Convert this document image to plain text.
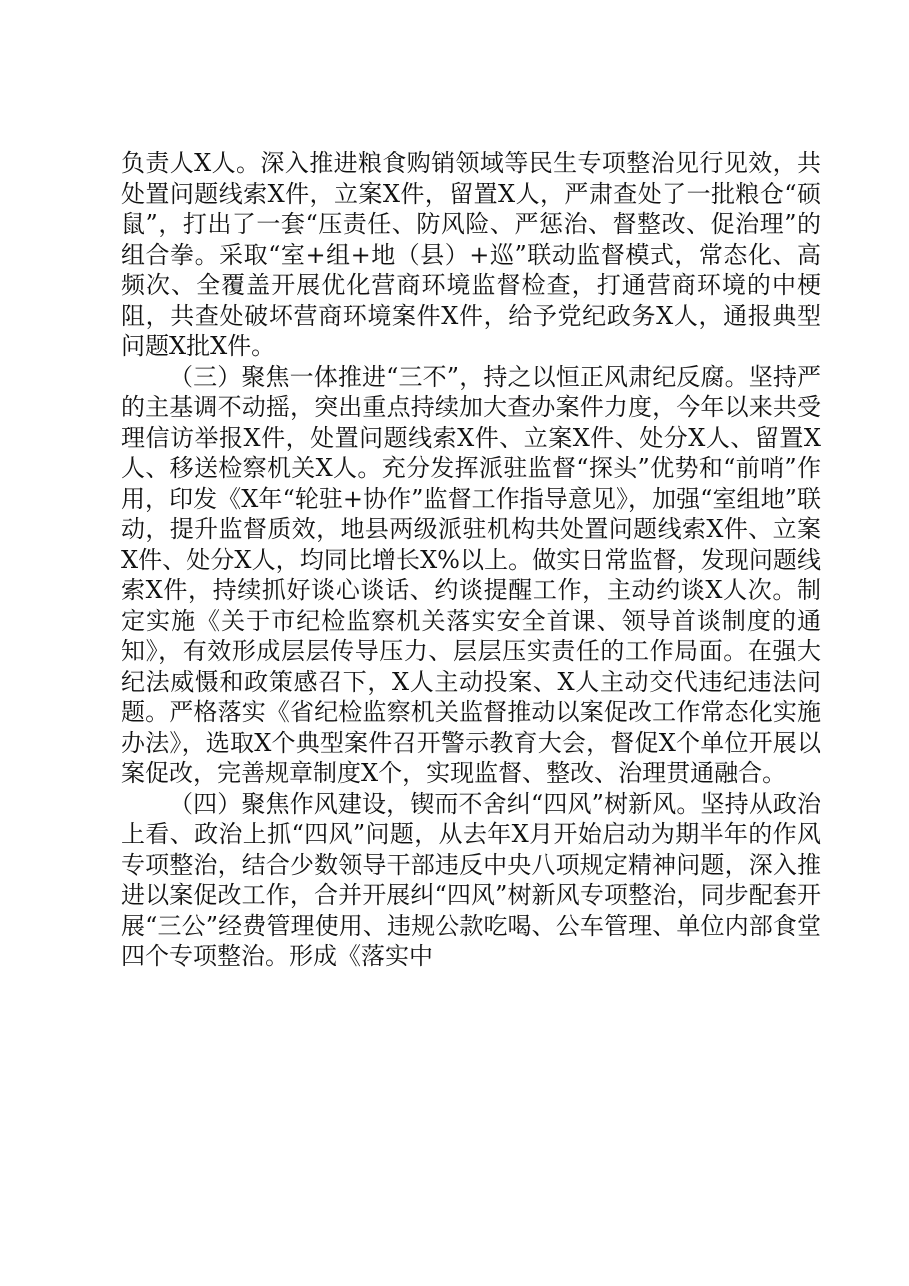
负责人X人。深入推进粮食购销领域等民生专项整治见行见效，共处置问题线索X件，立案X件，留置X人，严肃查处了一批粮仓“硕鼠”，打出了一套“压责任、防风险、严惩治、督整改、促治理”的组合拳。采取“室+组+地（县）+巡”联动监督模式，常态化、高频次、全覆盖开展优化营商环境监督检查，打通营商环境的中梗阻，共查处破坏营商环境案件X件，给予党纪政务X人，通报典型问题X批X件。

（三）聚焦一体推进“三不”，持之以恒正风肃纪反腐。坚持严的主基调不动摇，突出重点持续加大查办案件力度，今年以来共受理信访举报X件，处置问题线索X件、立案X件、处分X人、留置X人、移送检察机关X人。充分发挥派驻监督“探头”优势和“前哨”作用，印发《X年“轮驻+协作”监督工作指导意见》，加强“室组地”联动，提升监督质效，地县两级派驻机构共处置问题线索X件、立案X件、处分X人，均同比增长X%以上。做实日常监督，发现问题线索X件，持续抓好谈心谈话、约谈提醒工作，主动约谈X人次。制定实施《关于市纪检监察机关落实安全首课、领导首谈制度的通知》，有效形成层层传导压力、层层压实责任的工作局面。在强大纪法威慑和政策感召下，X人主动投案、X人主动交代违纪违法问题。严格落实《省纪检监察机关监督推动以案促改工作常态化实施办法》，选取X个典型案件召开警示教育大会，督促X个单位开展以案促改，完善规章制度X个，实现监督、整改、治理贯通融合。

（四）聚焦作风建设，锲而不舍纠“四风”树新风。坚持从政治上看、政治上抓“四风”问题，从去年X月开始启动为期半年的作风专项整治，结合少数领导干部违反中央八项规定精神问题，深入推进以案促改工作，合并开展纠“四风”树新风专项整治，同步配套开展“三公”经费管理使用、违规公款吃喝、公车管理、单位内部食堂四个专项整治。形成《落实中
